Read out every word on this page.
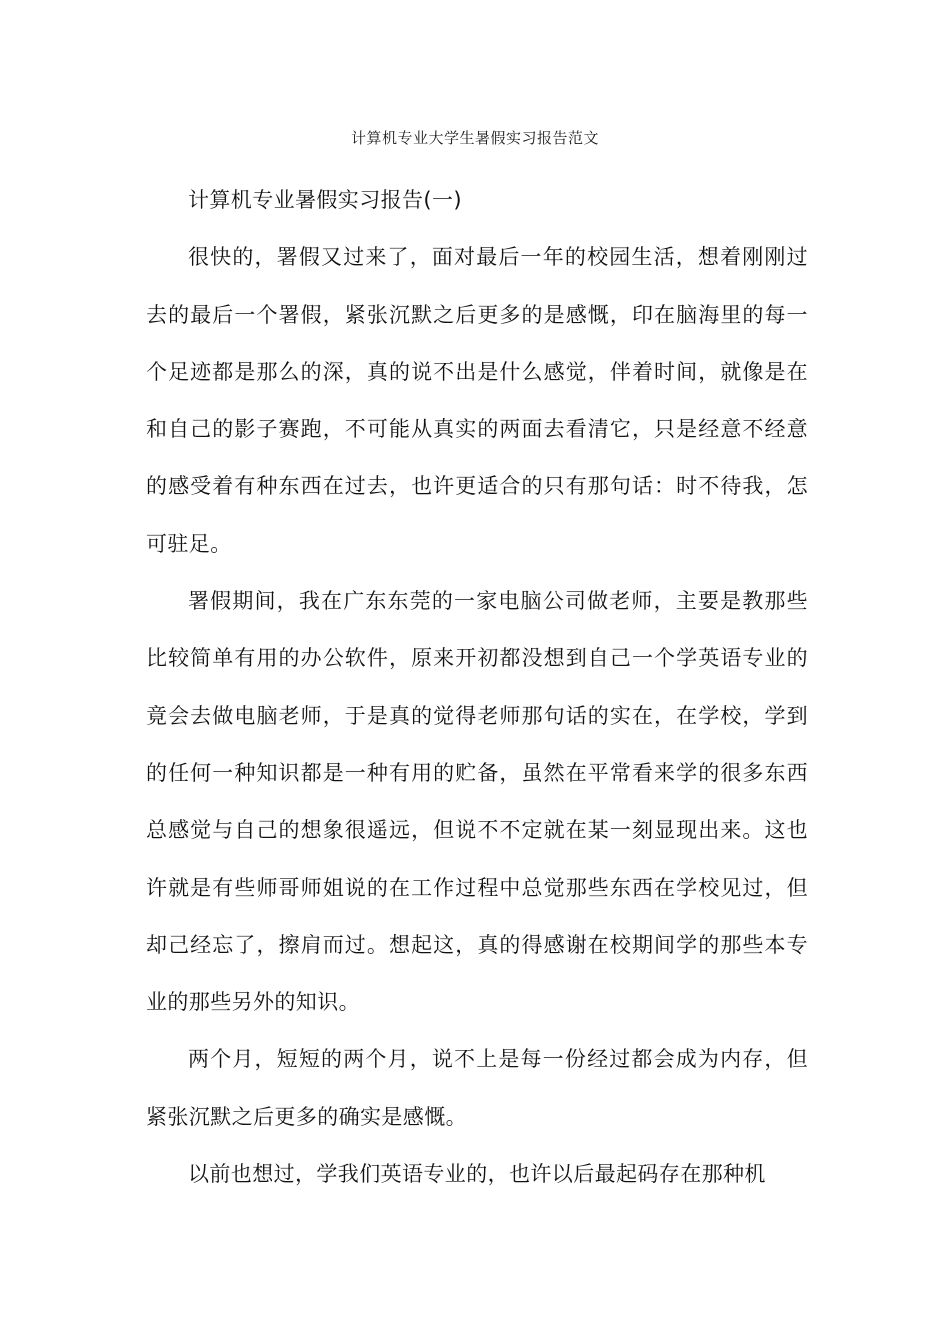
计算机专业大学生暑假实习报告范文

计算机专业暑假实习报告(一)

很快的，署假又过来了，面对最后一年的校园生活，想着刚刚过去的最后一个署假，紧张沉默之后更多的是感慨，印在脑海里的每一个足迹都是那么的深，真的说不出是什么感觉，伴着时间，就像是在和自己的影子赛跑，不可能从真实的两面去看清它，只是经意不经意的感受着有种东西在过去，也许更适合的只有那句话：时不待我，怎可驻足。

署假期间，我在广东东莞的一家电脑公司做老师，主要是教那些比较简单有用的办公软件，原来开初都没想到自己一个学英语专业的竟会去做电脑老师，于是真的觉得老师那句话的实在，在学校，学到的任何一种知识都是一种有用的贮备，虽然在平常看来学的很多东西总感觉与自己的想象很遥远，但说不不定就在某一刻显现出来。这也许就是有些师哥师姐说的在工作过程中总觉那些东西在学校见过，但却己经忘了，擦肩而过。想起这，真的得感谢在校期间学的那些本专业的那些另外的知识。

两个月，短短的两个月，说不上是每一份经过都会成为内存，但紧张沉默之后更多的确实是感慨。

以前也想过，学我们英语专业的，也许以后最起码存在那种机
